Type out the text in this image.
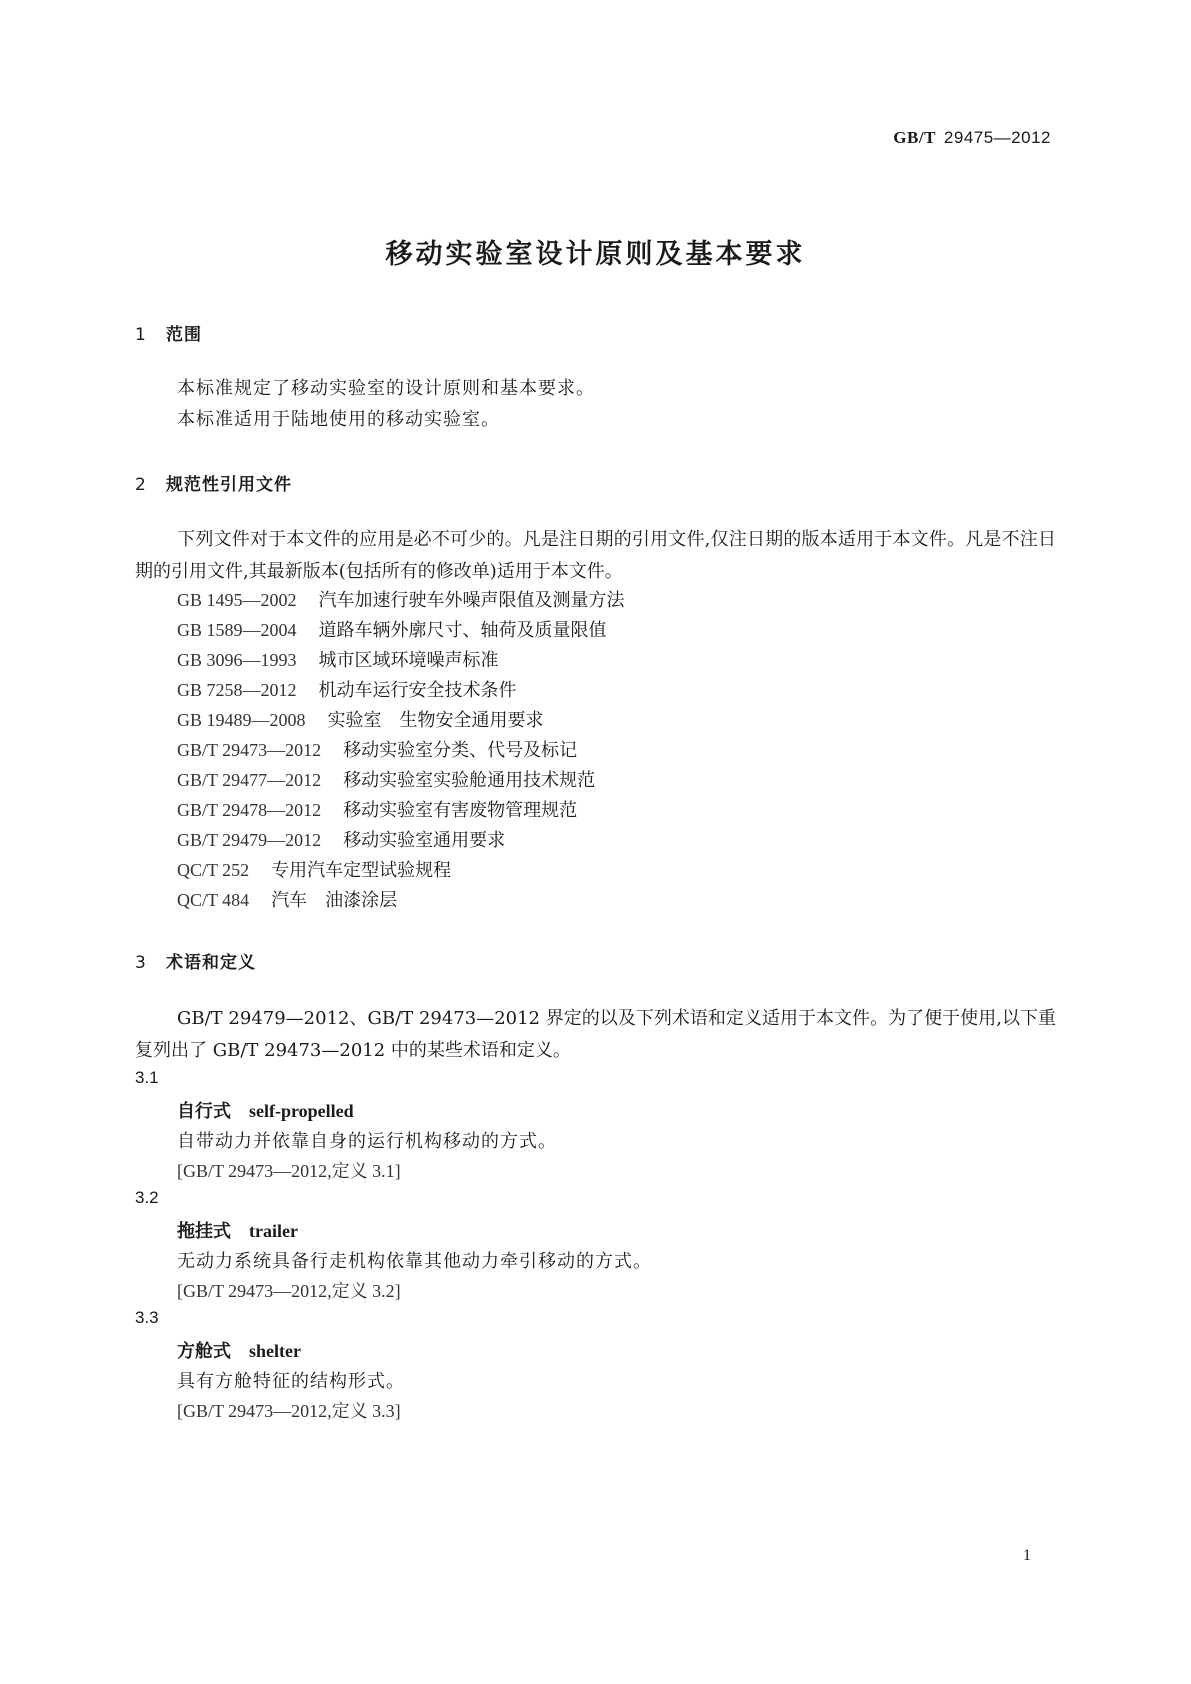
GB/T 29475—2012
移动实验室设计原则及基本要求
1 范围
本标准规定了移动实验室的设计原则和基本要求。
本标准适用于陆地使用的移动实验室。
2 规范性引用文件
下列文件对于本文件的应用是必不可少的。凡是注日期的引用文件,仅注日期的版本适用于本文件。凡是不注日期的引用文件,其最新版本(包括所有的修改单)适用于本文件。
GB 1495—2002 汽车加速行驶车外噪声限值及测量方法
GB 1589—2004 道路车辆外廓尺寸、轴荷及质量限值
GB 3096—1993 城市区域环境噪声标准
GB 7258—2012 机动车运行安全技术条件
GB 19489—2008 实验室　生物安全通用要求
GB/T 29473—2012 移动实验室分类、代号及标记
GB/T 29477—2012 移动实验室实验舱通用技术规范
GB/T 29478—2012 移动实验室有害废物管理规范
GB/T 29479—2012 移动实验室通用要求
QC/T 252 专用汽车定型试验规程
QC/T 484 汽车　油漆涂层
3 术语和定义
GB/T 29479—2012、GB/T 29473—2012 界定的以及下列术语和定义适用于本文件。为了便于使用,以下重复列出了 GB/T 29473—2012 中的某些术语和定义。
3.1
自行式 self-propelled
自带动力并依靠自身的运行机构移动的方式。
[GB/T 29473—2012,定义 3.1]
3.2
拖挂式 trailer
无动力系统具备行走机构依靠其他动力牵引移动的方式。
[GB/T 29473—2012,定义 3.2]
3.3
方舱式 shelter
具有方舱特征的结构形式。
[GB/T 29473—2012,定义 3.3]
1
